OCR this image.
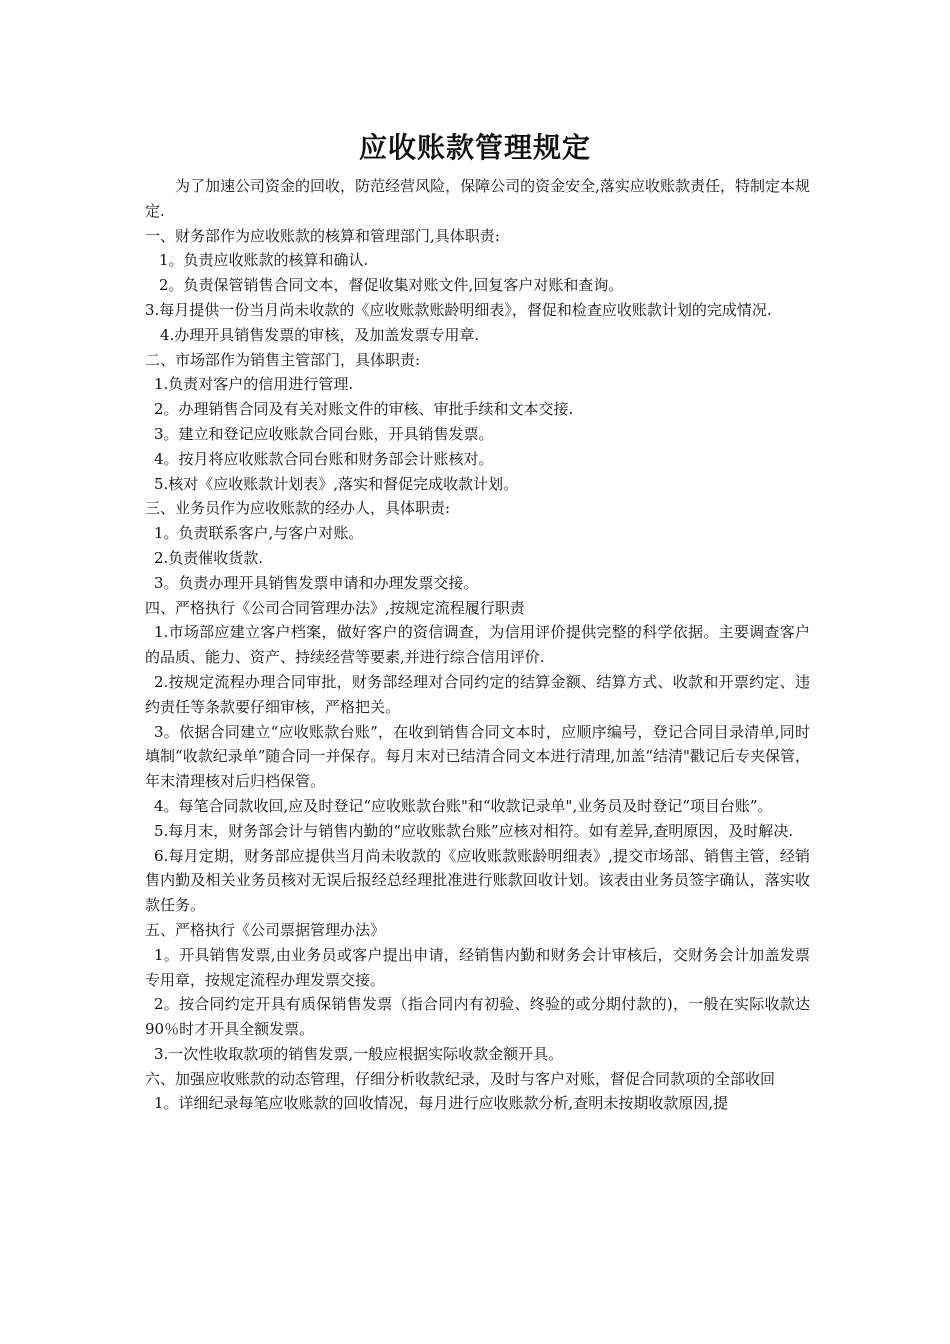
应收账款管理规定

为了加速公司资金的回收，防范经营风险，保障公司的资金安全,落实应收账款责任，特制定本规定.

一、财务部作为应收账款的核算和管理部门,具体职责:

1。负责应收账款的核算和确认.

2。负责保管销售合同文本，督促收集对账文件,回复客户对账和查询。

3.每月提供一份当月尚未收款的《应收账款账龄明细表》，督促和检查应收账款计划的完成情况.

4.办理开具销售发票的审核，及加盖发票专用章.

二、市场部作为销售主管部门，具体职责:

1.负责对客户的信用进行管理.

2。办理销售合同及有关对账文件的审核、审批手续和文本交接.

3。建立和登记应收账款合同台账，开具销售发票。

4。按月将应收账款合同台账和财务部会计账核对。

5.核对《应收账款计划表》,落实和督促完成收款计划。

三、业务员作为应收账款的经办人，具体职责:

1。负责联系客户,与客户对账。

2.负责催收货款.

3。负责办理开具销售发票申请和办理发票交接。

四、严格执行《公司合同管理办法》,按规定流程履行职责

1.市场部应建立客户档案，做好客户的资信调查，为信用评价提供完整的科学依据。主要调查客户的品质、能力、资产、持续经营等要素,并进行综合信用评价.

2.按规定流程办理合同审批，财务部经理对合同约定的结算金额、结算方式、收款和开票约定、违约责任等条款要仔细审核，严格把关。

3。依据合同建立“应收账款台账”，在收到销售合同文本时，应顺序编号，登记合同目录清单,同时填制“收款纪录单”随合同一并保存。每月末对已结清合同文本进行清理,加盖“结清"戳记后专夹保管，年末清理核对后归档保管。

4。每笔合同款收回,应及时登记“应收账款台账"和“收款记录单",业务员及时登记“项目台账”。

5.每月末，财务部会计与销售内勤的“应收账款台账”应核对相符。如有差异,查明原因，及时解决.

6.每月定期，财务部应提供当月尚未收款的《应收账款账龄明细表》,提交市场部、销售主管，经销售内勤及相关业务员核对无误后报经总经理批准进行账款回收计划。该表由业务员签字确认，落实收款任务。

五、严格执行《公司票据管理办法》

1。开具销售发票,由业务员或客户提出申请，经销售内勤和财务会计审核后，交财务会计加盖发票专用章，按规定流程办理发票交接。

2。按合同约定开具有质保销售发票（指合同内有初验、终验的或分期付款的)，一般在实际收款达90％时才开具全额发票。

3.一次性收取款项的销售发票,一般应根据实际收款金额开具。

六、加强应收账款的动态管理，仔细分析收款纪录，及时与客户对账，督促合同款项的全部收回

1。详细纪录每笔应收账款的回收情况，每月进行应收账款分析,查明未按期收款原因,提
